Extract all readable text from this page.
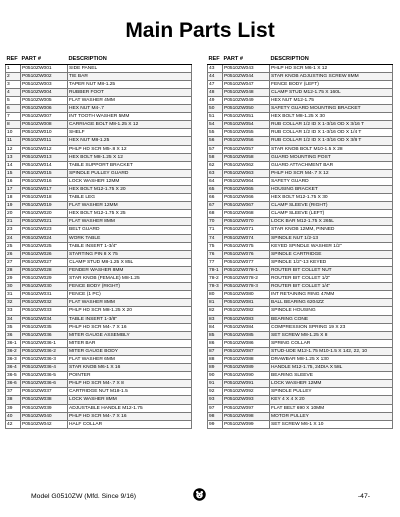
Main Parts List
REF	PART #	DESCRIPTION
1	P0510ZW001	SIDE PANEL
2	P0510ZW002	TIE BAR
3	P0510ZW003	TAPER NUT M8-1.25
4	P0510ZW004	RUBBER FOOT
5	P0510ZW005	FLAT WASHER 4MM
6	P0510ZW006	HEX NUT M4-.7
7	P0510ZW007	INT TOOTH WASHER 5MM
8	P0510ZW008	CARRIAGE BOLT M8-1.25 X 12
10	P0510ZW010	SHELF
11	P0510ZW011	HEX NUT M8-1.25
12	P0510ZW012	PHLP HD SCR M5-.8 X 12
13	P0510ZW013	HEX BOLT M8-1.25 X 12
14	P0510ZW014	TABLE SUPPORT BRACKET
15	P0510ZW015	SPINDLE PULLEY GUARD
16	P0510ZW016	LOCK WASHER 12MM
17	P0510ZW017	HEX BOLT M12-1.75 X 20
18	P0510ZW018	TABLE LEG
19	P0510ZW019	FLAT WASHER 12MM
20	P0510ZW020	HEX BOLT M12-1.75 X 25
21	P0510ZW021	FLAT WASHER 8MM
23	P0510ZW023	BELT GUARD
24	P0510ZW024	WORK TABLE
25	P0510ZW025	TABLE INSERT 1-3/4"
26	P0510ZW026	STARTING PIN 8 X 75
27	P0510ZW027	CLAMP STUD M8-1.25 X 85L
28	P0510ZW028	FENDER WASHER 8MM
29	P0510ZW029	STAR KNOB (FEMALE) M8-1.25
30	P0510ZW030	FENCE BODY (RIGHT)
31	P0510ZW031	FENCE (1 PC)
32	P0510ZW032	FLAT WASHER 8MM
33	P0510ZW033	PHLP HD SCR M8-1.25 X 20
34	P0510ZW034	TABLE INSERT 1-3/8"
35	P0510ZW035	PHLP HD SCR M4-.7 X 16
36	P0510ZW036	MITER GAUGE ASSEMBLY
36-1	P0510ZW036-1	MITER BAR
36-2	P0510ZW036-2	MITER GAUGE BODY
36-3	P0510ZW036-3	FLAT WASHER 6MM
36-4	P0510ZW036-4	STAR KNOB M6-1 X 16
36-5	P0510ZW036-5	POINTER
36-6	P0510ZW036-6	PHLP HD SCR M4-.7 X 8
37	P0510ZW037	CARTRIDGE NUT M18-1.5
38	P0510ZW038	LOCK WASHER 8MM
39	P0510ZW039	ADJUSTABLE HANDLE M12-1.75
40	P0510ZW040	PHLP HD SCR M4-.7 X 16
42	P0510ZW042	HALF COLLAR
REF	PART #	DESCRIPTION
43	P0510ZW043	PHLP HD SCR M6-1 X 12
44	P0510ZW044	STAR KNOB ADJUSTING SCREW 8MM
47	P0510ZW047	FENCE BODY (LEFT)
48	P0510ZW048	CLAMP STUD M12-1.75 X 160L
49	P0510ZW049	HEX NUT M12-1.75
50	P0510ZW050	SAFETY GUARD MOUNTING BRACKET
51	P0510ZW051	HEX BOLT M8-1.25 X 30
54	P0510ZW054	RUB COLLAR 1/2 ID X 1-3/16 OD X 3/16 T
55	P0510ZW055	RUB COLLAR 1/2 ID X 1-3/16 OD X 1/4 T
56	P0510ZW056	RUB COLLAR 1/2 ID X 1-3/16 OD X 3/8 T
57	P0510ZW057	STAR KNOB BOLT M10-1.5 X 28
58	P0510ZW058	GUARD MOUNTING POST
62	P0510ZW062	GUARD ATTACHMENT BAR
63	P0510ZW063	PHLP HD SCR M4-.7 X 12
64	P0510ZW064	SAFETY GUARD
65	P0510ZW065	HOUSING BRACKET
66	P0510ZW066	HEX BOLT M12-1.75 X 30
67	P0510ZW067	CLAMP SLEEVE (RIGHT)
68	P0510ZW068	CLAMP SLEEVE (LEFT)
70	P0510ZW070	LOCK BAR M12-1.75 X 265L
71	P0510ZW071	STAR KNOB 12MM, PINNED
74	P0510ZW074	SPINDLE NUT 1/2-13
75	P0510ZW075	KEYED SPINDLE WASHER 1/2"
76	P0510ZW076	SPINDLE CARTRIDGE
77	P0510ZW077	SPINDLE 1/2"-13 KEYED
78-1	P0510ZW078-1	ROUTER BIT COLLET NUT
78-2	P0510ZW078-2	ROUTER BIT COLLET 1/2"
78-3	P0510ZW078-3	ROUTER BIT COLLET 1/4"
80	P0510ZW080	INT RETAINING RING 47MM
81	P0510ZW081	BALL BEARING 6204ZZ
82	P0510ZW082	SPINDLE HOUSING
83	P0510ZW083	BEARING CONE
84	P0510ZW084	COMPRESSION SPRING 19 X 23
85	P0510ZW085	SET SCREW M8-1.25 X 8
86	P0510ZW086	SPRING COLLAR
87	P0510ZW087	STUD-UDE M12-1.75 M10-1.5 X 142, 22, 10
88	P0510ZW088	DRAWBAR M8-1.25 X 130
89	P0510ZW089	HANDLE M12-1.75, 24DIA X 58L
90	P0510ZW090	BEARING SLEEVE
91	P0510ZW091	LOCK WASHER 12MM
92	P0510ZW092	SPINDLE PULLEY
93	P0510ZW093	KEY 4 X 4 X 20
97	P0510ZW097	FLAT BELT 690 X 10MM
98	P0510ZW098	MOTOR PULLEY
99	P0510ZW099	SET SCREW M6-1 X 10
Model G0510ZW (Mfd. Since 9/16)	-47-
